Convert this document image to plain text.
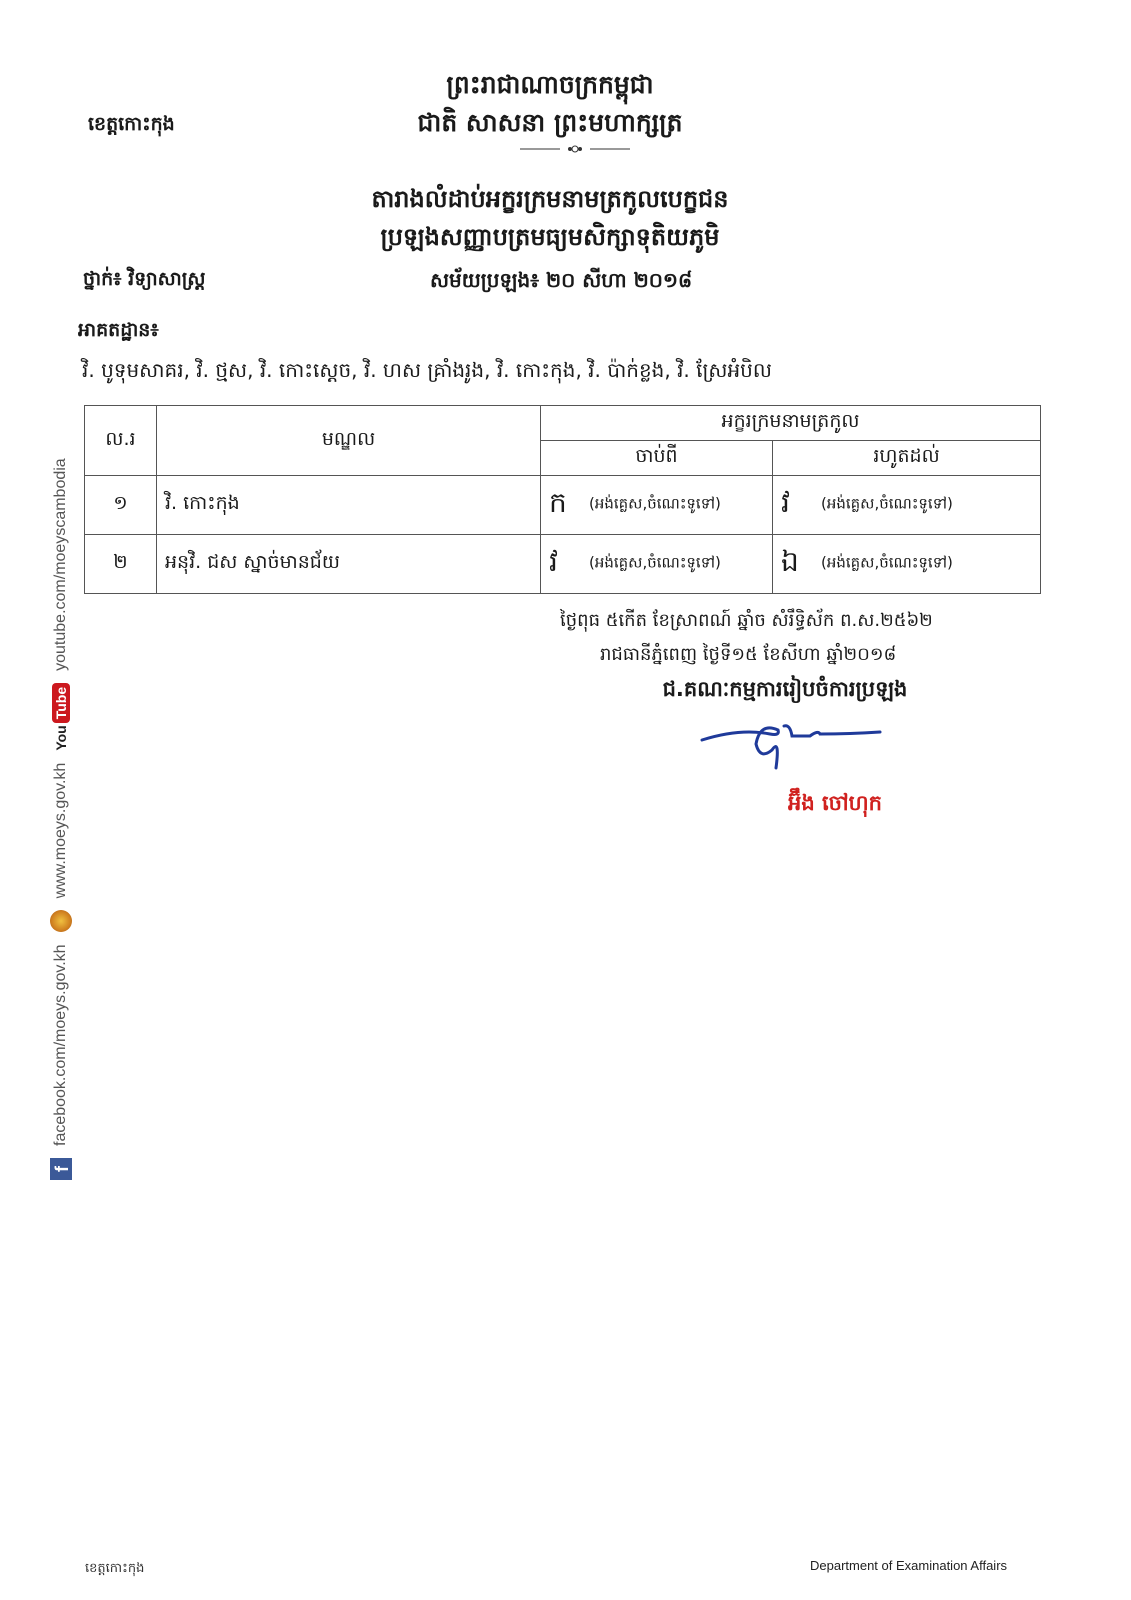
ព្រះរាជាណាចក្រកម្ពុជា
ខេត្តកោះកុង	ជាតិ សាសនា ព្រះមហាក្សត្រ
តារាងលំដាប់អក្ខរក្រមនាមត្រកូលបេក្ខជន
ប្រឡងសញ្ញាបត្រមធ្យមសិក្សាទុតិយភូមិ
ថ្នាក់៖ វិទ្យាសាស្ត្រ	សម័យប្រឡង៖ ២០ សីហា ២០១៨
អាគតដ្ឋាន៖
វិ. បូទុមសាគរ, វិ. ថ្មស, វិ. កោះស្ដេច, វិ. ហស គ្រាំងរូង, វិ. កោះកុង, វិ. ប៉ាក់ខ្លង, វិ. ស្រែអំបិល
ល.រ	មណ្ឌល	អក្ខរក្រមនាមត្រកូល	
		ចាប់ពី	រហូតដល់
១	វិ. កោះកុង	ក (អង់គ្លេស,ចំណេះទូទៅ)	វ (អង់គ្លេស,ចំណេះទូទៅ)
២	អនុវិ. ជស ស្នាច់មានជ័យ	វ (អង់គ្លេស,ចំណេះទូទៅ)	ឯ (អង់គ្លេស,ចំណេះទូទៅ)
ថ្ងៃពុធ ៥កើត ខែស្រាពណ៍ ឆ្នាំច សំរឹទ្ធិស័ក ព.ស.២៥៦២
រាជធានីភ្នំពេញ ថ្ងៃទី១៥ ខែសីហា ឆ្នាំ២០១៨
ជ.គណៈកម្មការរៀបចំការប្រឡង
អ៊ឹង ចៅហុក
f
facebook.com/moeys.gov.kh
www.moeys.gov.kh
You
Tube
youtube.com/moeyscambodia
ខេត្តកោះកុង	Department of Examination Affairs
